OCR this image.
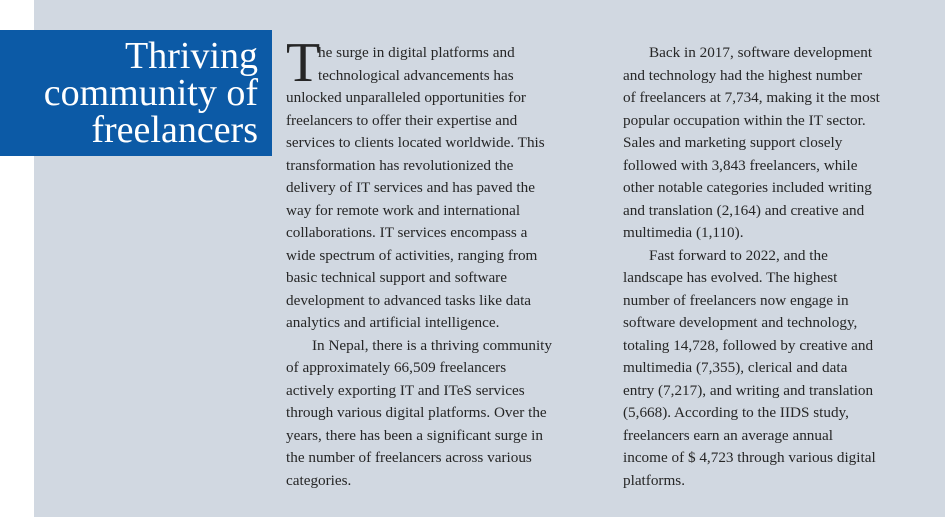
Thriving
community of
freelancers
T

he surge in digital platforms and
technological advancements has
unlocked unparalleled opportunities for
freelancers to offer their expertise and
services to clients located worldwide. This
transformation has revolutionized the
delivery of IT services and has paved the
way for remote work and international
collaborations. IT services encompass a
wide spectrum of activities, ranging from
basic technical support and software
development to advanced tasks like data
analytics and artificial intelligence.

In Nepal, there is a thriving community
of approximately 66,509 freelancers
actively exporting IT and ITeS services
through various digital platforms. Over the
years, there has been a significant surge in
the number of freelancers across various
categories.

Back in 2017, software development
and technology had the highest number
of freelancers at 7,734, making it the most
popular occupation within the IT sector.
Sales and marketing support closely
followed with 3,843 freelancers, while
other notable categories included writing
and translation (2,164) and creative and
multimedia (1,110).

Fast forward to 2022, and the
landscape has evolved. The highest
number of freelancers now engage in
software development and technology,
totaling 14,728, followed by creative and
multimedia (7,355), clerical and data
entry (7,217), and writing and translation
(5,668). According to the IIDS study,
freelancers earn an average annual
income of $ 4,723 through various digital
platforms.
